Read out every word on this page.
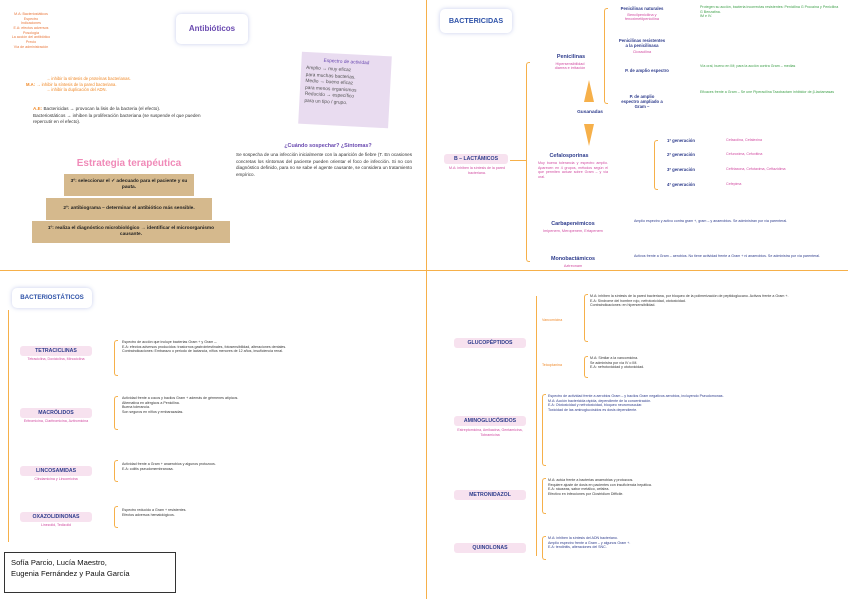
M.A: Bacteriostáticos
Espectro
Indicaciones
E.A: efectos adversos
Posología
La acción del antibiótico
Precio
Vía de administración
Antibióticos
→ inhibir la síntesis de proteínas bacterianas.
M.A: → inhibir la síntesis de la pared bacteriana.
→ inhibir la duplicación del ADN.
A.E: Bactericidas → provocan la lisis de la bacteria (el efecto).
Bacteriostáticos → inhiben la proliferación bacteriana (se suspende el que pueden repercutir en el efecto).
Espectro de actividad
Amplio → muy eficaz
para muchas bacterias.
Medio → bueno eficaz
para menos organismos
Reducido → específico
para un tipo / grupo.
Estrategia terapéutica
3º: seleccionar el ✓ adecuado para el paciente y su pauta.
2º: antibiograma – determinar el antibiótico más sensible.
1º: realiza el diagnóstico microbiológico → identificar el microorganismo causante.
¿Cuándo sospechar? ¿Síntomas?
Se sospecha de una infección inicialmente con la aparición de fiebre (T. En ocasiones concretas los síntomas del paciente pueden orientar el foco de infección. Si no con diagnóstico definido, para no se sabe el agente causante, se considera un tratamiento empírico.
BACTERICIDAS
B – LACTÁMICOS
M.A: inhiben la síntesis de la pared bacteriana.
Penicilinas
Hipersensibilidad
diarrea e irritación
Penicilinas naturales
Bencilpenicilina y
fenoximetilpenicilina
Protegen su acción, bacteria incorrectas resistentes: Penicilina G Procaína y Penicilina G Benzatina.
IM e IV.
Penicilinas resistentes
a la penicilinasa
Cloxacilina
P. de amplio espectro
Vía oral, bueno en IM; para la acción contra Gram – medias
P. de amplio
espectro ampliado a
Gram –
Eficaces frente a Gram – Se une Piperacilina Tazobactam inhibidor de β-lactamasas
Gusanadas
Cefalosporinas
Muy buena tolerancia y espectro amplio. Aparecen en 4 grupos, métodos según el que permiten actuar sobre Gram – y vía oral.
1ª generación	Cefazolina, Cefalexina
2ª generación	Cefuroxima, Cefoxitina
3ª generación	Ceftriaxona, Cefotaxima, Ceftazidima
4ª generación	Cefepima
Carbapenémicos
Imipenem, Meropenem, Ertapenem
Amplio espectro y activo contra gram +, gram – y anaerobios. Se administran por vía parenteral.
Monobactámicos
Aztreonam
Activos frente a Gram – aerobios. No tiene actividad frente a Gram + ni anaerobios. Se administra por vía parenteral.
BACTERIOSTÁTICOS
TETRACICLINAS
Tetraciclina, Doxiciclina, Minociclina
Espectro de acción que incluye bacterias Gram + y Gram –.
E.A: efectos adversos producidos: trastornos gastrointestinales, fotosensibilidad, alteraciones dentales.
Contraindicaciones: Embarazo o periodo de lactancia, niños menores de 12 años, insuficiencia renal.
MACRÓLIDOS
Eritromicina, Claritromicina, Azitromicina
Actividad frente a cocos y bacilos Gram + además de gérmenes atípicos.
Alternativa en alérgicos a Penicilina.
Buena tolerancia.
Son seguros en niños y embarazadas.
LINCOSAMIDAS
Clindamicina y Lincomicina
Actividad frente a Gram + anaerobios y algunos protozoos.
E.A: colitis pseudomembranosa.
OXAZOLIDINONAS
Linezolid, Tedizolid
Espectro reducido a Gram + resistentes.
Efectos adversos hematológicos.
GLUCOPÉPTIDOS
Vancomicina
Teicoplanina
M.A: inhiben la síntesis de la pared bacteriana, por bloqueo de la polimerización de peptidoglucano. Activos frente a Gram +.
E.A: Síndrome del hombre rojo, nefrotoxicidad, ototoxicidad.
Contraindicaciones: en hipersensibilidad.
M.A: Similar a la vancomicina.
Se administra por vía IV o IM.
E.A: nefrotoxicidad y ototoxicidad.
AMINOGLUCÓSIDOS
Estreptomicina, Amikacina, Gentamicina, Tobramicina
Espectro de actividad frente a aerobios Gram – y bacilos Gram negativos aerobios, incluyendo Pseudomonas.
M.A: Acción bactericida rápida, dependiente de la concentración.
E.A: Ototoxicidad y nefrotoxicidad, bloqueo neuromuscular.
Toxicidad de las aminoglucósidos es dosis dependiente.
METRONIDAZOL
M.A: actúa frente a bacterias anaerobias y protozoos.
Requiere ajuste de dosis en pacientes con insuficiencia hepática.
E.A: náuseas, sabor metálico, cefalea.
Efectivo en infecciones por Clostridium Difficile.
QUINOLONAS
M.A: inhiben la síntesis del ADN bacteriano.
Amplio espectro frente a Gram – y algunos Gram +.
E.A: tendinitis, alteraciones del SNC.
Sofía Parcio, Lucía Maestro,
Eugenia Fernández y Paula García
